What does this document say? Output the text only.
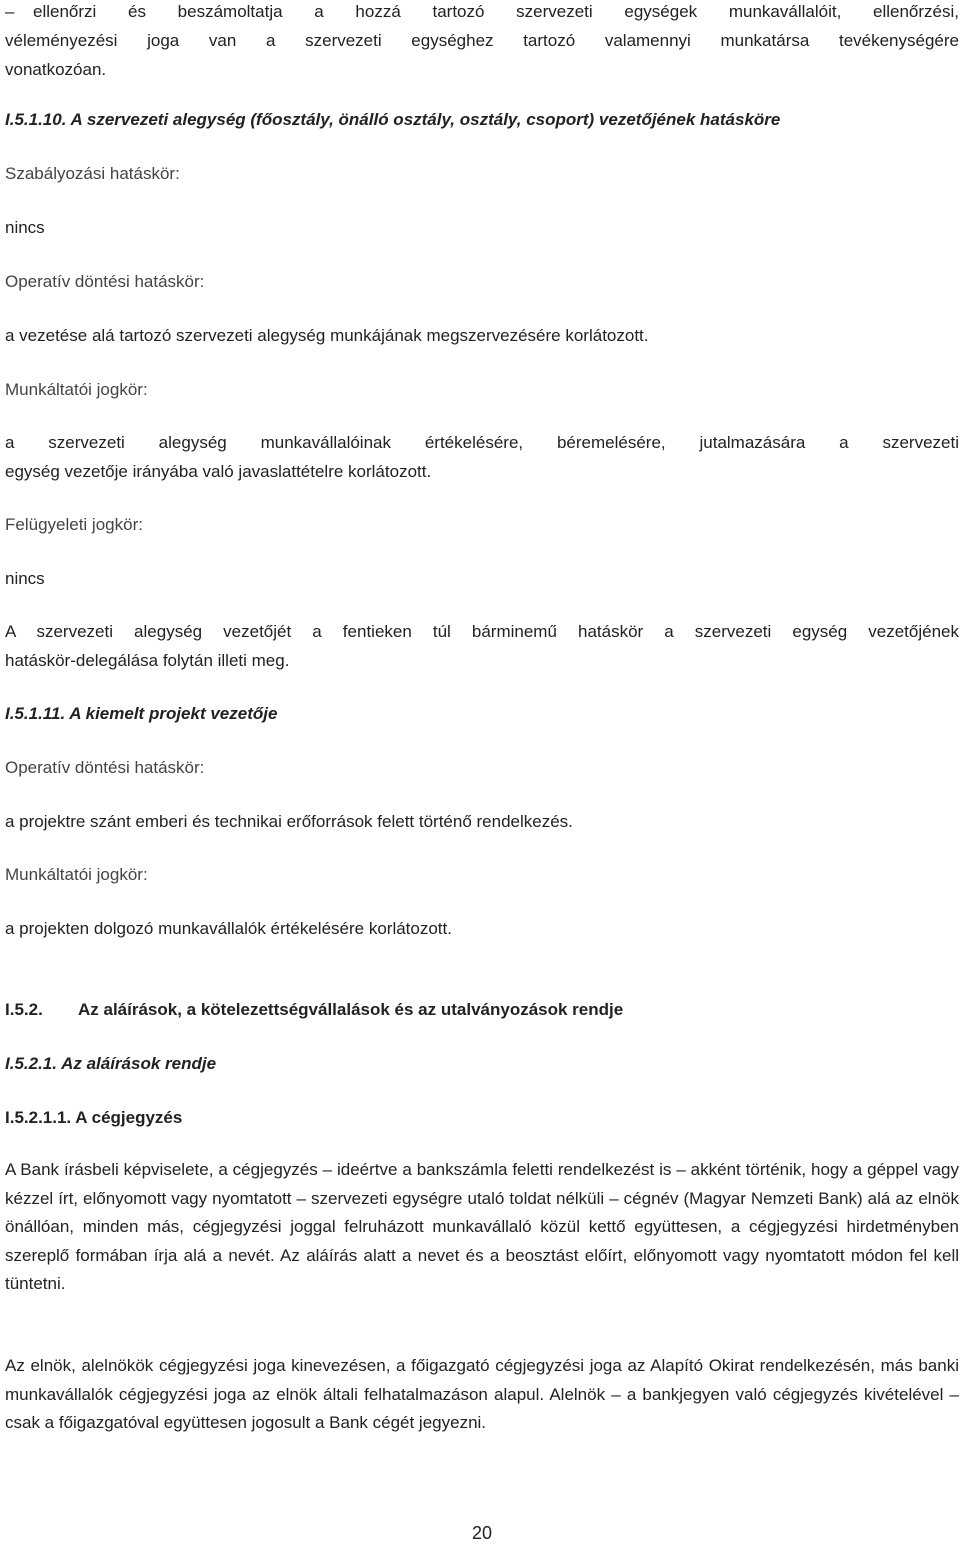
– ellenőrzi és beszámoltatja a hozzá tartozó szervezeti egységek munkavállalóit, ellenőrzési,
véleményezési joga van a szervezeti egységhez tartozó valamennyi munkatársa tevékenységére
vonatkozóan.
I.5.1.10. A szervezeti alegység (főosztály, önálló osztály, osztály, csoport) vezetőjének hatásköre
Szabályozási hatáskör:
nincs
Operatív döntési hatáskör:
a vezetése alá tartozó szervezeti alegység munkájának megszervezésére korlátozott.
Munkáltatói jogkör:
a szervezeti alegység munkavállalóinak értékelésére, béremelésére, jutalmazására a szervezeti
egység vezetője irányába való javaslattételre korlátozott.
Felügyeleti jogkör:
nincs
A szervezeti alegység vezetőjét a fentieken túl bárminemű hatáskör a szervezeti egység vezetőjének
hatáskör-delegálása folytán illeti meg.
I.5.1.11. A kiemelt projekt vezetője
Operatív döntési hatáskör:
a projektre szánt emberi és technikai erőforrások felett történő rendelkezés.
Munkáltatói jogkör:
a projekten dolgozó munkavállalók értékelésére korlátozott.
I.5.2. Az aláírások, a kötelezettségvállalások és az utalványozások rendje
I.5.2.1. Az aláírások rendje
I.5.2.1.1. A cégjegyzés
A Bank írásbeli képviselete, a cégjegyzés – ideértve a bankszámla feletti rendelkezést is – akként történik, hogy a géppel vagy kézzel írt, előnyomott vagy nyomtatott – szervezeti egységre utaló toldat nélküli – cégnév (Magyar Nemzeti Bank) alá az elnök önállóan, minden más, cégjegyzési joggal felruházott munkavállaló közül kettő együttesen, a cégjegyzési hirdetményben szereplő formában írja alá a nevét. Az aláírás alatt a nevet és a beosztást előírt, előnyomott vagy nyomtatott módon fel kell tüntetni.
Az elnök, alelnökök cégjegyzési joga kinevezésen, a főigazgató cégjegyzési joga az Alapító Okirat rendelkezésén, más banki munkavállalók cégjegyzési joga az elnök általi felhatalmazáson alapul. Alelnök – a bankjegyen való cégjegyzés kivételével – csak a főigazgatóval együttesen jogosult a Bank cégét jegyezni.
20
